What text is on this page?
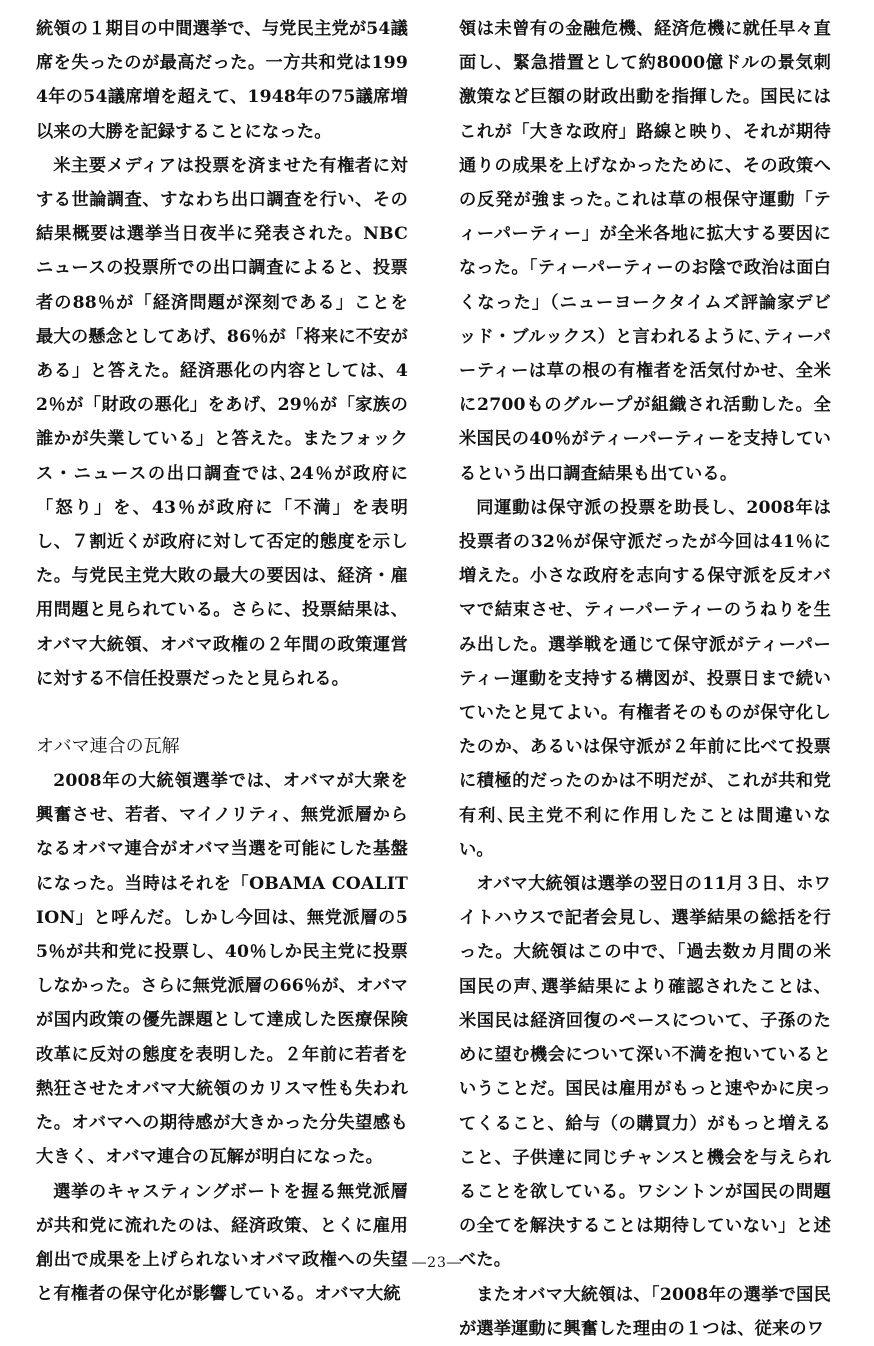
統領の１期目の中間選挙で、与党民主党が54議席を失ったのが最高だった。一方共和党は1994年の54議席増を超えて、1948年の75議席増以来の大勝を記録することになった。

米主要メディアは投票を済ませた有権者に対する世論調査、すなわち出口調査を行い、その結果概要は選挙当日夜半に発表された。NBCニュースの投票所での出口調査によると、投票者の88％が「経済問題が深刻である」ことを最大の懸念としてあげ、86％が「将来に不安がある」と答えた。経済悪化の内容としては、42％が「財政の悪化」をあげ、29％が「家族の誰かが失業している」と答えた。またフォックス・ニュースの出口調査では､24％が政府に「怒り」を、43％が政府に「不満」を表明し、７割近くが政府に対して否定的態度を示した。与党民主党大敗の最大の要因は、経済・雇用問題と見られている。さらに、投票結果は、オバマ大統領、オバマ政権の２年間の政策運営に対する不信任投票だったと見られる。

オバマ連合の瓦解

2008年の大統領選挙では、オバマが大衆を興奮させ、若者、マイノリティ、無党派層からなるオバマ連合がオバマ当選を可能にした基盤になった。当時はそれを「OBAMA COALITION」と呼んだ。しかし今回は、無党派層の55％が共和党に投票し、40％しか民主党に投票しなかった。さらに無党派層の66％が、オバマが国内政策の優先課題として達成した医療保険改革に反対の態度を表明した。２年前に若者を熱狂させたオバマ大統領のカリスマ性も失われた。オバマへの期待感が大きかった分失望感も大きく、オバマ連合の瓦解が明白になった。

選挙のキャスティングボートを握る無党派層が共和党に流れたのは、経済政策、とくに雇用創出で成果を上げられないオバマ政権への失望と有権者の保守化が影響している。オバマ大統

領は未曾有の金融危機、経済危機に就任早々直面し、緊急措置として約8000億ドルの景気刺激策など巨額の財政出動を指揮した。国民にはこれが「大きな政府」路線と映り、それが期待通りの成果を上げなかったために、その政策への反発が強まった｡これは草の根保守運動「ティーパーティー」が全米各地に拡大する要因になった。「ティーパーティーのお陰で政治は面白くなった」（ニューヨークタイムズ評論家デビッド・ブルックス）と言われるように､ティーパーティーは草の根の有権者を活気付かせ、全米に2700ものグループが組織され活動した。全米国民の40％がティーパーティーを支持しているという出口調査結果も出ている。

同運動は保守派の投票を助長し、2008年は投票者の32％が保守派だったが今回は41％に増えた。小さな政府を志向する保守派を反オバマで結束させ、ティーパーティーのうねりを生み出した。選挙戦を通じて保守派がティーパーティー運動を支持する構図が、投票日まで続いていたと見てよい。有権者そのものが保守化したのか、あるいは保守派が２年前に比べて投票に積極的だったのかは不明だが、これが共和党有利､民主党不利に作用したことは間違いない。

オバマ大統領は選挙の翌日の11月３日、ホワイトハウスで記者会見し、選挙結果の総括を行った。大統領はこの中で、「過去数カ月間の米国民の声､選挙結果により確認されたことは、米国民は経済回復のペースについて、子孫のために望む機会について深い不満を抱いているということだ。国民は雇用がもっと速やかに戻ってくること、給与（の購買力）がもっと増えること、子供達に同じチャンスと機会を与えられることを欲している。ワシントンが国民の問題の全てを解決することは期待していない」と述べた。

またオバマ大統領は、「2008年の選挙で国民が選挙運動に興奮した理由の１つは、従来のワ

―23―
